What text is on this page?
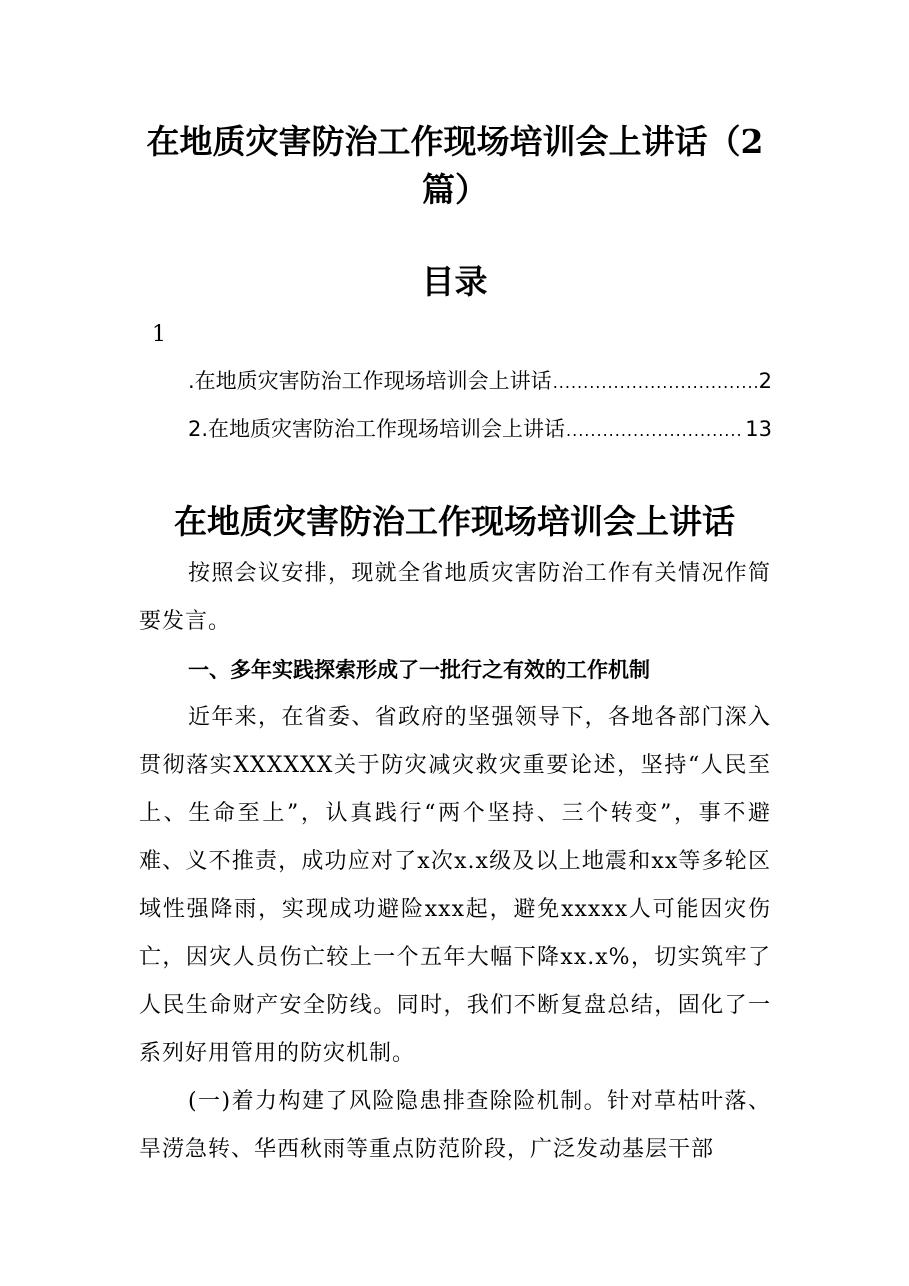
在地质灾害防治工作现场培训会上讲话（2篇）
目录
1
.在地质灾害防治工作现场培训会上讲话 .....	2
2.在地质灾害防治工作现场培训会上讲话 .....	13
在地质灾害防治工作现场培训会上讲话

按照会议安排，现就全省地质灾害防治工作有关情况作简要发言。

一、多年实践探索形成了一批行之有效的工作机制

近年来，在省委、省政府的坚强领导下，各地各部门深入贯彻落实XXXXXX关于防灾减灾救灾重要论述，坚持“人民至上、生命至上”，认真践行“两个坚持、三个转变”，事不避难、义不推责，成功应对了x次x.x级及以上地震和xx等多轮区域性强降雨，实现成功避险xxx起，避免xxxxx人可能因灾伤亡，因灾人员伤亡较上一个五年大幅下降xx.x%，切实筑牢了人民生命财产安全防线。同时，我们不断复盘总结，固化了一系列好用管用的防灾机制。

(一)着力构建了风险隐患排查除险机制。针对草枯叶落、旱涝急转、华西秋雨等重点防范阶段，广泛发动基层干部
